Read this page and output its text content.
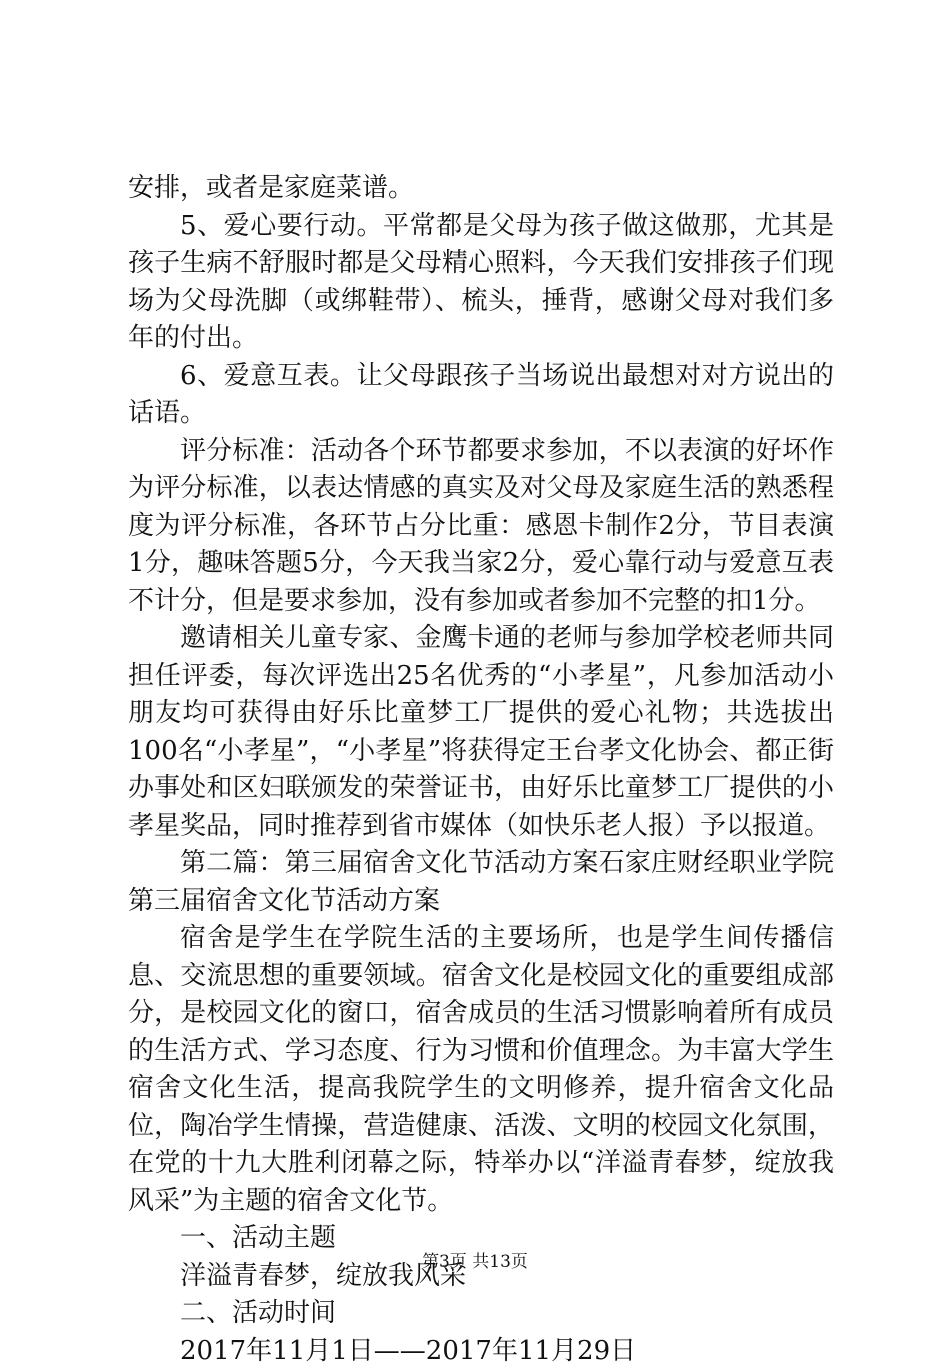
安排，或者是家庭菜谱。

5、爱心要行动。平常都是父母为孩子做这做那，尤其是孩子生病不舒服时都是父母精心照料，今天我们安排孩子们现场为父母洗脚（或绑鞋带）、梳头，捶背，感谢父母对我们多年的付出。

6、爱意互表。让父母跟孩子当场说出最想对对方说出的话语。

评分标准：活动各个环节都要求参加，不以表演的好坏作为评分标准，以表达情感的真实及对父母及家庭生活的熟悉程度为评分标准，各环节占分比重：感恩卡制作2分，节目表演1分，趣味答题5分，今天我当家2分，爱心靠行动与爱意互表不计分，但是要求参加，没有参加或者参加不完整的扣1分。

邀请相关儿童专家、金鹰卡通的老师与参加学校老师共同担任评委，每次评选出25名优秀的“小孝星”，凡参加活动小朋友均可获得由好乐比童梦工厂提供的爱心礼物；共选拔出100名“小孝星”，“小孝星”将获得定王台孝文化协会、都正街办事处和区妇联颁发的荣誉证书，由好乐比童梦工厂提供的小孝星奖品，同时推荐到省市媒体（如快乐老人报）予以报道。

第二篇：第三届宿舍文化节活动方案石家庄财经职业学院第三届宿舍文化节活动方案

宿舍是学生在学院生活的主要场所，也是学生间传播信息、交流思想的重要领域。宿舍文化是校园文化的重要组成部分，是校园文化的窗口，宿舍成员的生活习惯影响着所有成员的生活方式、学习态度、行为习惯和价值理念。为丰富大学生宿舍文化生活，提高我院学生的文明修养，提升宿舍文化品位，陶冶学生情操，营造健康、活泼、文明的校园文化氛围，在党的十九大胜利闭幕之际，特举办以“洋溢青春梦，绽放我风采”为主题的宿舍文化节。

一、活动主题

洋溢青春梦，绽放我风采

二、活动时间

2017年11月1日——2017年11月29日

第3页 共13页
